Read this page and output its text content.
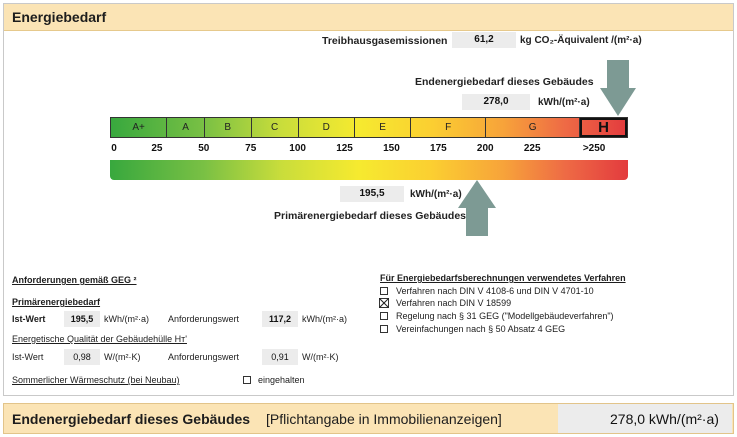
Energiebedarf
Treibhausgasemissionen	61,2	kg CO₂-Äquivalent /(m²·a)
Endenergiebedarf dieses Gebäudes
278,0	kWh/(m²·a)
A+	A	B	C	D	E	F	G	H
0	25	50	75	100	125	150	175	200	225	>250
195,5	kWh/(m²·a)
Primärenergiebedarf dieses Gebäudes
Anforderungen gemäß GEG ²
Primärenergiebedarf
Ist-Wert	195,5	kWh/(m²·a) Anforderungswert	117,2	kWh/(m²·a)
Energetische Qualität der Gebäudehülle Hт'
Ist-Wert	0,98	W/(m²·K)	Anforderungswert	0,91	W/(m²·K)
Sommerlicher Wärmeschutz (bei Neubau)	eingehalten
Für Energiebedarfsberechnungen verwendetes Verfahren
Verfahren nach DIN V 4108-6 und DIN V 4701-10
Verfahren nach DIN V 18599
Regelung nach § 31 GEG ("Modellgebäudeverfahren")
Vereinfachungen nach § 50 Absatz 4 GEG
Endenergiebedarf dieses Gebäudes [Pflichtangabe in Immobilienanzeigen]	278,0 kWh/(m²·a)
